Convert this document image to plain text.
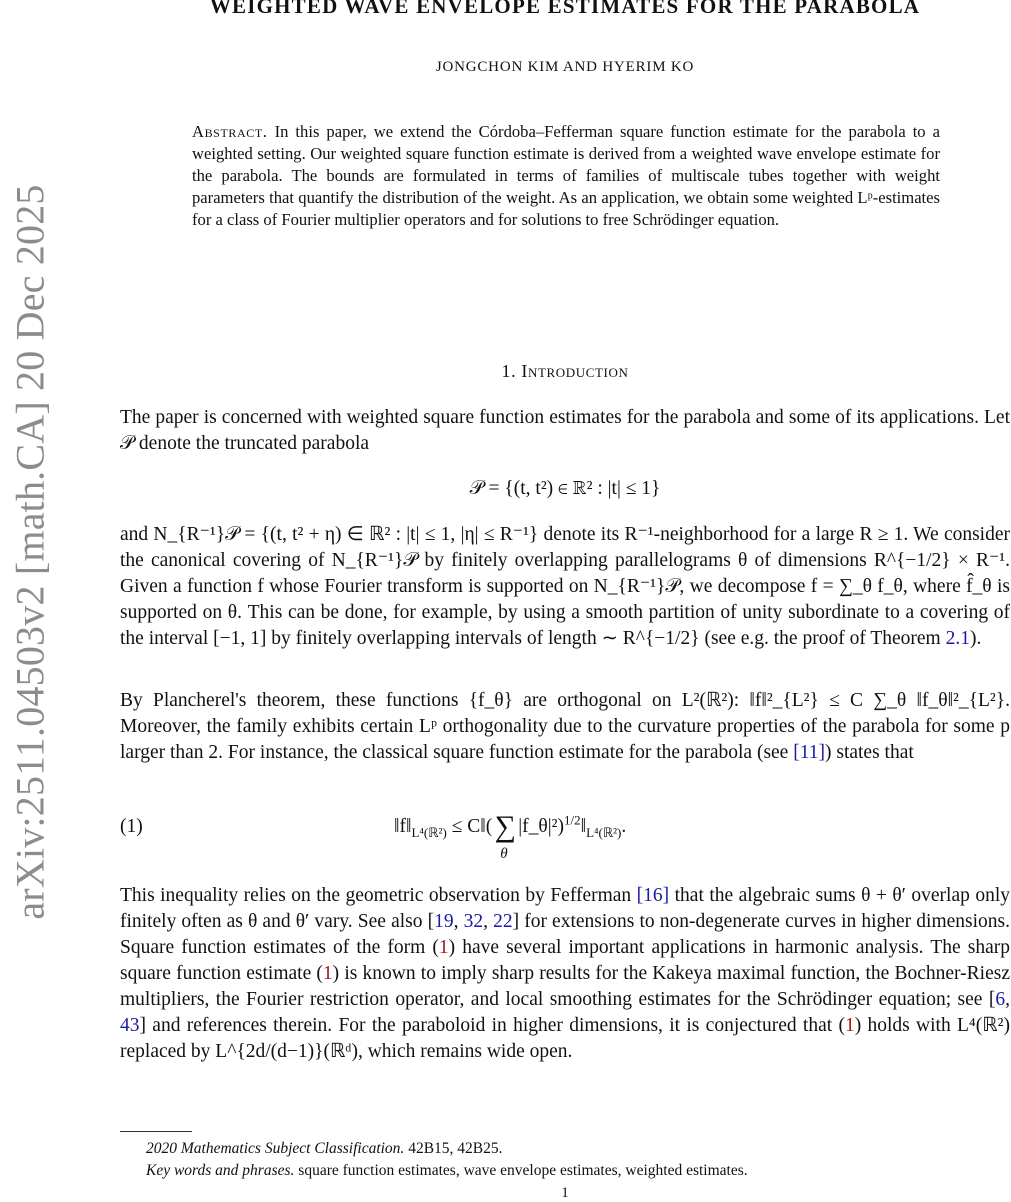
arXiv:2511.04503v2 [math.CA] 20 Dec 2025
WEIGHTED WAVE ENVELOPE ESTIMATES FOR THE PARABOLA
JONGCHON KIM AND HYERIM KO
Abstract. In this paper, we extend the Córdoba–Fefferman square function estimate for the parabola to a weighted setting. Our weighted square function estimate is derived from a weighted wave envelope estimate for the parabola. The bounds are formulated in terms of families of multiscale tubes together with weight parameters that quantify the distribution of the weight. As an application, we obtain some weighted Lᵖ-estimates for a class of Fourier multiplier operators and for solutions to free Schrödinger equation.
1. Introduction

The paper is concerned with weighted square function estimates for the parabola and some of its applications. Let 𝒫 denote the truncated parabola

𝒫 = {(t, t²) ∈ ℝ² : |t| ≤ 1}

and N_{R⁻¹}𝒫 = {(t, t² + η) ∈ ℝ² : |t| ≤ 1, |η| ≤ R⁻¹} denote its R⁻¹-neighborhood for a large R ≥ 1. We consider the canonical covering of N_{R⁻¹}𝒫 by finitely overlapping parallelograms θ of dimensions R^{−1/2} × R⁻¹. Given a function f whose Fourier transform is supported on N_{R⁻¹}𝒫, we decompose f = ∑_θ f_θ, where f̂_θ is supported on θ. This can be done, for example, by using a smooth partition of unity subordinate to a covering of the interval [−1, 1] by finitely overlapping intervals of length ∼ R^{−1/2} (see e.g. the proof of Theorem 2.1).

By Plancherel's theorem, these functions {f_θ} are orthogonal on L²(ℝ²): ‖f‖²_{L²} ≤ C ∑_θ ‖f_θ‖²_{L²}. Moreover, the family exhibits certain Lᵖ orthogonality due to the curvature properties of the parabola for some p larger than 2. For instance, the classical square function estimate for the parabola (see [11]) states that

(1)	$‖f‖_{L^4(ℝ^2)}$ ≤ C‖(∑
θ
$|f\_\theta|^2)^{1/2}‖_{L^4(ℝ^2)}$.

This inequality relies on the geometric observation by Fefferman [16] that the algebraic sums θ + θ′ overlap only finitely often as θ and θ′ vary. See also [19, 32, 22] for extensions to non-degenerate curves in higher dimensions. Square function estimates of the form (1) have several important applications in harmonic analysis. The sharp square function estimate (1) is known to imply sharp results for the Kakeya maximal function, the Bochner-Riesz multipliers, the Fourier restriction operator, and local smoothing estimates for the Schrödinger equation; see [6, 43] and references therein. For the paraboloid in higher dimensions, it is conjectured that (1) holds with L⁴(ℝ²) replaced by L^{2d/(d−1)}(ℝᵈ), which remains wide open.

2020 Mathematics Subject Classification. 42B15, 42B25.
Key words and phrases. square function estimates, wave envelope estimates, weighted estimates.
1
